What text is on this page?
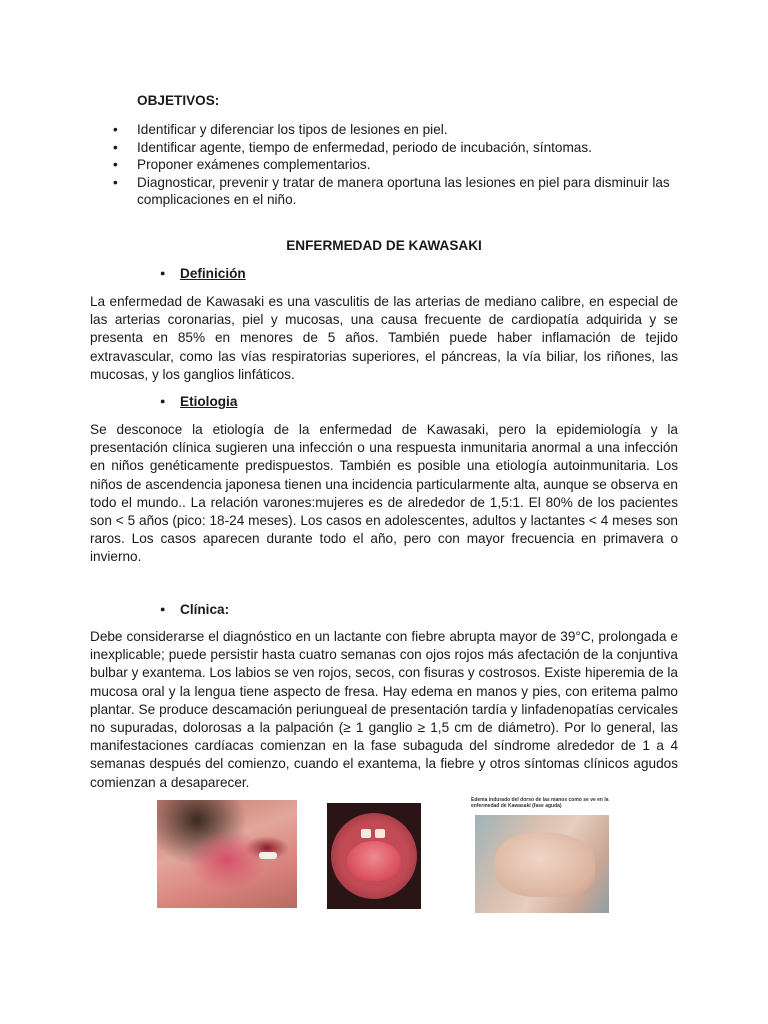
OBJETIVOS:
• Identificar y diferenciar los tipos de lesiones en piel.
• Identificar agente, tiempo de enfermedad, periodo de incubación, síntomas.
• Proponer exámenes complementarios.
• Diagnosticar, prevenir y tratar de manera oportuna las lesiones en piel para disminuir las complicaciones en el niño.
ENFERMEDAD DE KAWASAKI
● Definición

La enfermedad de Kawasaki es una vasculitis de las arterias de mediano calibre, en especial de las arterias coronarias, piel y mucosas, una causa frecuente de cardiopatía adquirida y se presenta en 85% en menores de 5 años. También puede haber inflamación de tejido extravascular, como las vías respiratorias superiores, el páncreas, la vía biliar, los riñones, las mucosas, y los ganglios linfáticos.

● Etiologia

Se desconoce la etiología de la enfermedad de Kawasaki, pero la epidemiología y la presentación clínica sugieren una infección o una respuesta inmunitaria anormal a una infección en niños genéticamente predispuestos. También es posible una etiología autoinmunitaria. Los niños de ascendencia japonesa tienen una incidencia particularmente alta, aunque se observa en todo el mundo.. La relación varones:mujeres es de alrededor de 1,5:1. El 80% de los pacientes son < 5 años (pico: 18-24 meses). Los casos en adolescentes, adultos y lactantes < 4 meses son raros. Los casos aparecen durante todo el año, pero con mayor frecuencia en primavera o invierno.

● Clínica:

Debe considerarse el diagnóstico en un lactante con fiebre abrupta mayor de 39°C, prolongada e inexplicable; puede persistir hasta cuatro semanas con ojos rojos más afectación de la conjuntiva bulbar y exantema. Los labios se ven rojos, secos, con fisuras y costrosos. Existe hiperemia de la mucosa oral y la lengua tiene aspecto de fresa. Hay edema en manos y pies, con eritema palmo plantar. Se produce descamación periungueal de presentación tardía y linfadenopatías cervicales no supuradas, dolorosas a la palpación (≥ 1 ganglio ≥ 1,5 cm de diámetro). Por lo general, las manifestaciones cardíacas comienzan en la fase subaguda del síndrome alrededor de 1 a 4 semanas después del comienzo, cuando el exantema, la fiebre y otros síntomas clínicos agudos comienzan a desaparecer.

Edema indurado del dorso de las manos como se ve en la enfermedad de Kawasaki (fase aguda)
